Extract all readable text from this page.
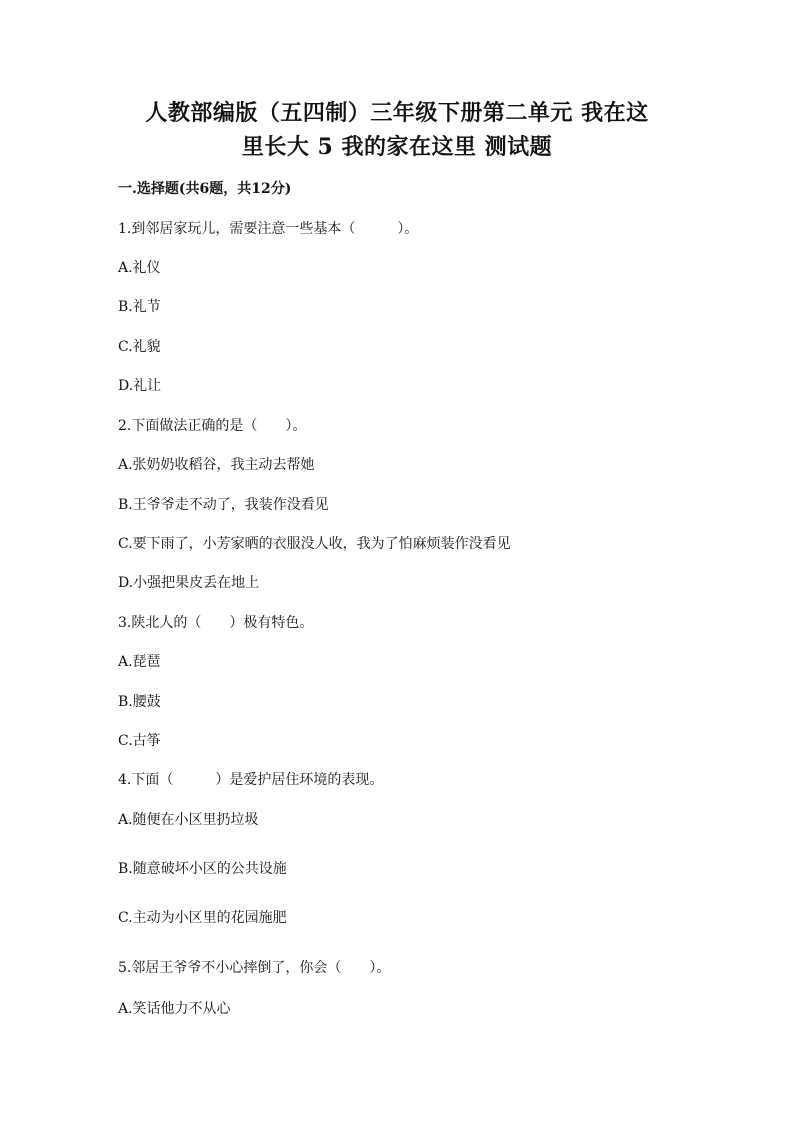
人教部编版（五四制）三年级下册第二单元 我在这
里长大 5 我的家在这里 测试题
一.选择题(共6题，共12分)
1.到邻居家玩儿，需要注意一些基本（　　　）。
A.礼仪
B.礼节
C.礼貌
D.礼让
2.下面做法正确的是（　　）。
A.张奶奶收稻谷，我主动去帮她
B.王爷爷走不动了，我装作没看见
C.要下雨了，小芳家晒的衣服没人收，我为了怕麻烦装作没看见
D.小强把果皮丢在地上
3.陕北人的（　　）极有特色。
A.琵琶
B.腰鼓
C.古筝
4.下面（　　　）是爱护居住环境的表现。
A.随便在小区里扔垃圾
B.随意破坏小区的公共设施
C.主动为小区里的花园施肥
5.邻居王爷爷不小心摔倒了，你会（　　）。
A.笑话他力不从心
